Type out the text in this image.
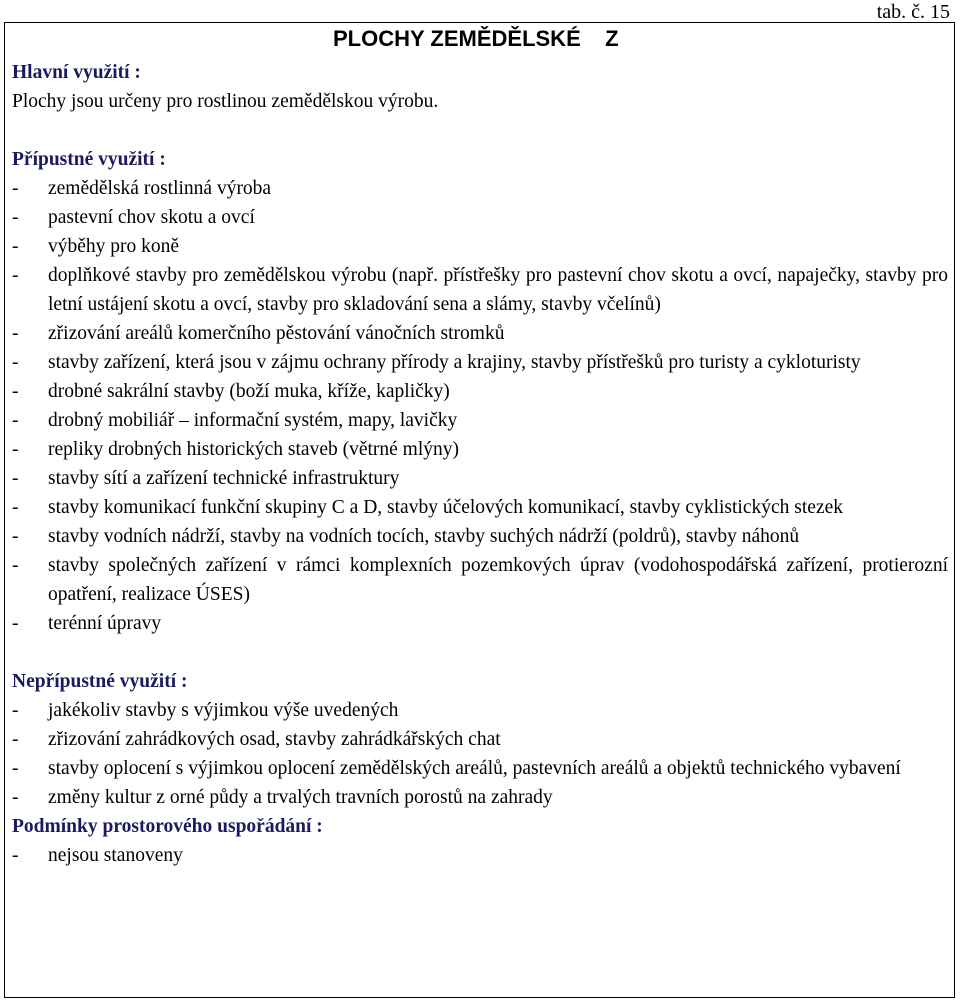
tab. č. 15
PLOCHY ZEMĚDĚLSKÉ    Z

Hlavní využití :

Plochy jsou určeny pro rostlinou zemědělskou výrobu.

Přípustné využití :

- zemědělská rostlinná výroba
- pastevní chov skotu a ovcí
- výběhy pro koně
- doplňkové stavby pro zemědělskou výrobu (např. přístřešky pro pastevní chov skotu a ovcí, napaječky, stavby pro letní ustájení skotu a ovcí, stavby pro skladování sena a slámy, stavby včelínů)
- zřizování areálů komerčního pěstování vánočních stromků
- stavby zařízení, která jsou v zájmu ochrany přírody a krajiny, stavby přístřešků pro turisty a cykloturisty
- drobné sakrální stavby (boží muka, kříže, kapličky)
- drobný mobiliář – informační systém, mapy, lavičky
- repliky drobných historických staveb (větrné mlýny)
- stavby sítí a zařízení technické infrastruktury
- stavby komunikací funkční skupiny C a D, stavby účelových komunikací, stavby cyklistických stezek
- stavby vodních nádrží, stavby na vodních tocích, stavby suchých nádrží (poldrů), stavby náhonů
- stavby společných zařízení v rámci komplexních pozemkových úprav (vodohospodářská zařízení, protierozní opatření, realizace ÚSES)
- terénní úpravy

Nepřípustné využití :

- jakékoliv stavby s výjimkou výše uvedených
- zřizování zahrádkových osad, stavby zahrádkářských chat
- stavby oplocení s výjimkou oplocení zemědělských areálů, pastevních areálů a objektů technického vybavení
- změny kultur z orné půdy a trvalých travních porostů na zahrady

Podmínky prostorového uspořádání :

- nejsou stanoveny
